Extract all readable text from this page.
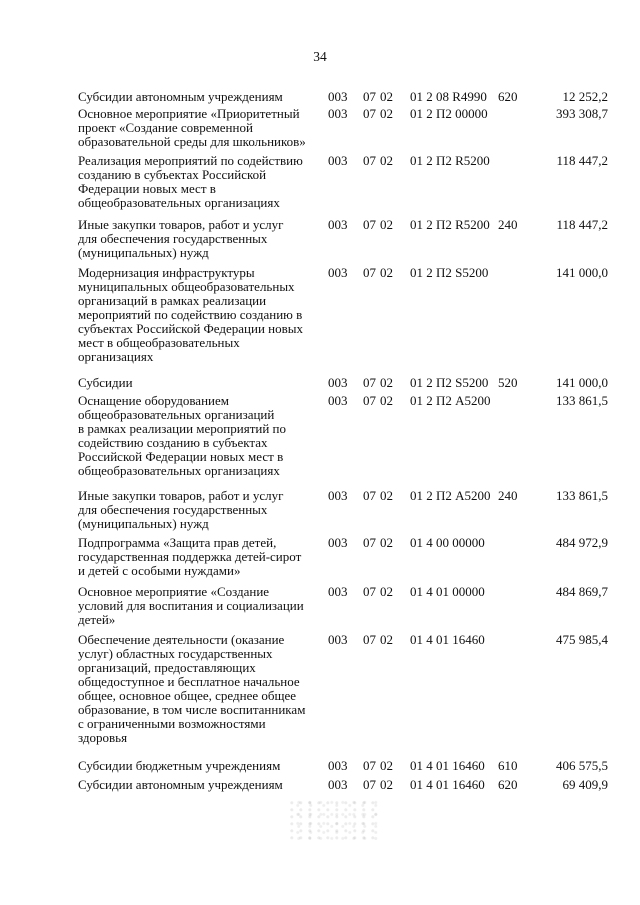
34
Субсидии автономным учреждениям	003 07 02 01 2 08 R4990 620	12 252,2
Основное мероприятие «Приоритетный
проект «Создание современной
образовательной среды для школьников»
003 07 02 01 2 П2 00000	393 308,7
Реализация мероприятий по содействию
созданию в субъектах Российской
Федерации новых мест в
общеобразовательных организациях
003 07 02 01 2 П2 R5200	118 447,2
Иные закупки товаров, работ и услуг
для обеспечения государственных
(муниципальных) нужд
003 07 02 01 2 П2 R5200 240	118 447,2
Модернизация инфраструктуры
муниципальных общеобразовательных
организаций в рамках реализации
мероприятий по содействию созданию в
субъектах Российской Федерации новых
мест в общеобразовательных
организациях
003 07 02 01 2 П2 S5200	141 000,0
Субсидии	003 07 02 01 2 П2 S5200 520	141 000,0
Оснащение оборудованием
общеобразовательных организаций
в рамках реализации мероприятий по
содействию созданию в субъектах
Российской Федерации новых мест в
общеобразовательных организациях
003 07 02 01 2 П2 A5200	133 861,5
Иные закупки товаров, работ и услуг
для обеспечения государственных
(муниципальных) нужд
003 07 02 01 2 П2 A5200 240	133 861,5
Подпрограмма «Защита прав детей,
государственная поддержка детей-сирот
и детей с особыми нуждами»
003 07 02 01 4 00 00000	484 972,9
Основное мероприятие «Создание
условий для воспитания и социализации
детей»
003 07 02 01 4 01 00000	484 869,7
Обеспечение деятельности (оказание
услуг) областных государственных
организаций, предоставляющих
общедоступное и бесплатное начальное
общее, основное общее, среднее общее
образование, в том числе воспитанникам
с ограниченными возможностями
здоровья
003 07 02 01 4 01 16460	475 985,4
Субсидии бюджетным учреждениям	003 07 02 01 4 01 16460 610	406 575,5
Субсидии автономным учреждениям	003 07 02 01 4 01 16460 620	69 409,9
